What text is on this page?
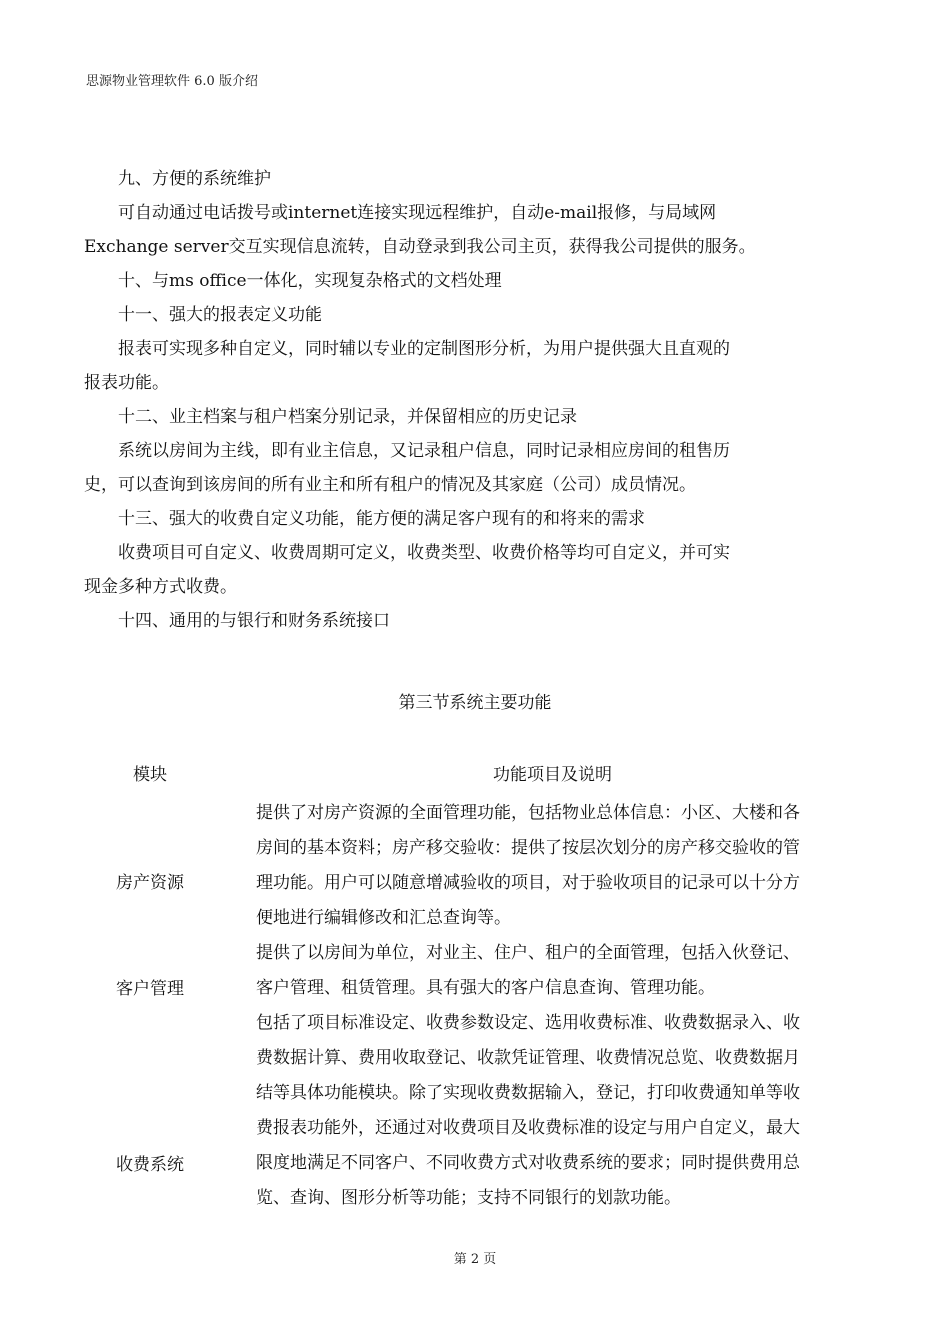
思源物业管理软件 6.0 版介绍
九、方便的系统维护
可自动通过电话拨号或internet连接实现远程维护，自动e-mail报修，与局域网
Exchange server交互实现信息流转，自动登录到我公司主页，获得我公司提供的服务。
十、与ms office一体化，实现复杂格式的文档处理
十一、强大的报表定义功能
报表可实现多种自定义，同时辅以专业的定制图形分析，为用户提供强大且直观的
报表功能。
十二、业主档案与租户档案分别记录，并保留相应的历史记录
系统以房间为主线，即有业主信息，又记录租户信息，同时记录相应房间的租售历
史，可以查询到该房间的所有业主和所有租户的情况及其家庭（公司）成员情况。
十三、强大的收费自定义功能，能方便的满足客户现有的和将来的需求
收费项目可自定义、收费周期可定义，收费类型、收费价格等均可自定义，并可实
现金多种方式收费。
十四、通用的与银行和财务系统接口
第三节系统主要功能
模块	功能项目及说明
房产资源
提供了对房产资源的全面管理功能，包括物业总体信息：小区、大楼和各
房间的基本资料；房产移交验收：提供了按层次划分的房产移交验收的管
理功能。用户可以随意增减验收的项目，对于验收项目的记录可以十分方
便地进行编辑修改和汇总查询等。
客户管理
提供了以房间为单位，对业主、住户、租户的全面管理，包括入伙登记、
客户管理、租赁管理。具有强大的客户信息查询、管理功能。
收费系统
包括了项目标准设定、收费参数设定、选用收费标准、收费数据录入、收
费数据计算、费用收取登记、收款凭证管理、收费情况总览、收费数据月
结等具体功能模块。除了实现收费数据输入，登记，打印收费通知单等收
费报表功能外，还通过对收费项目及收费标准的设定与用户自定义，最大
限度地满足不同客户、不同收费方式对收费系统的要求；同时提供费用总
览、查询、图形分析等功能；支持不同银行的划款功能。
第 2 页
